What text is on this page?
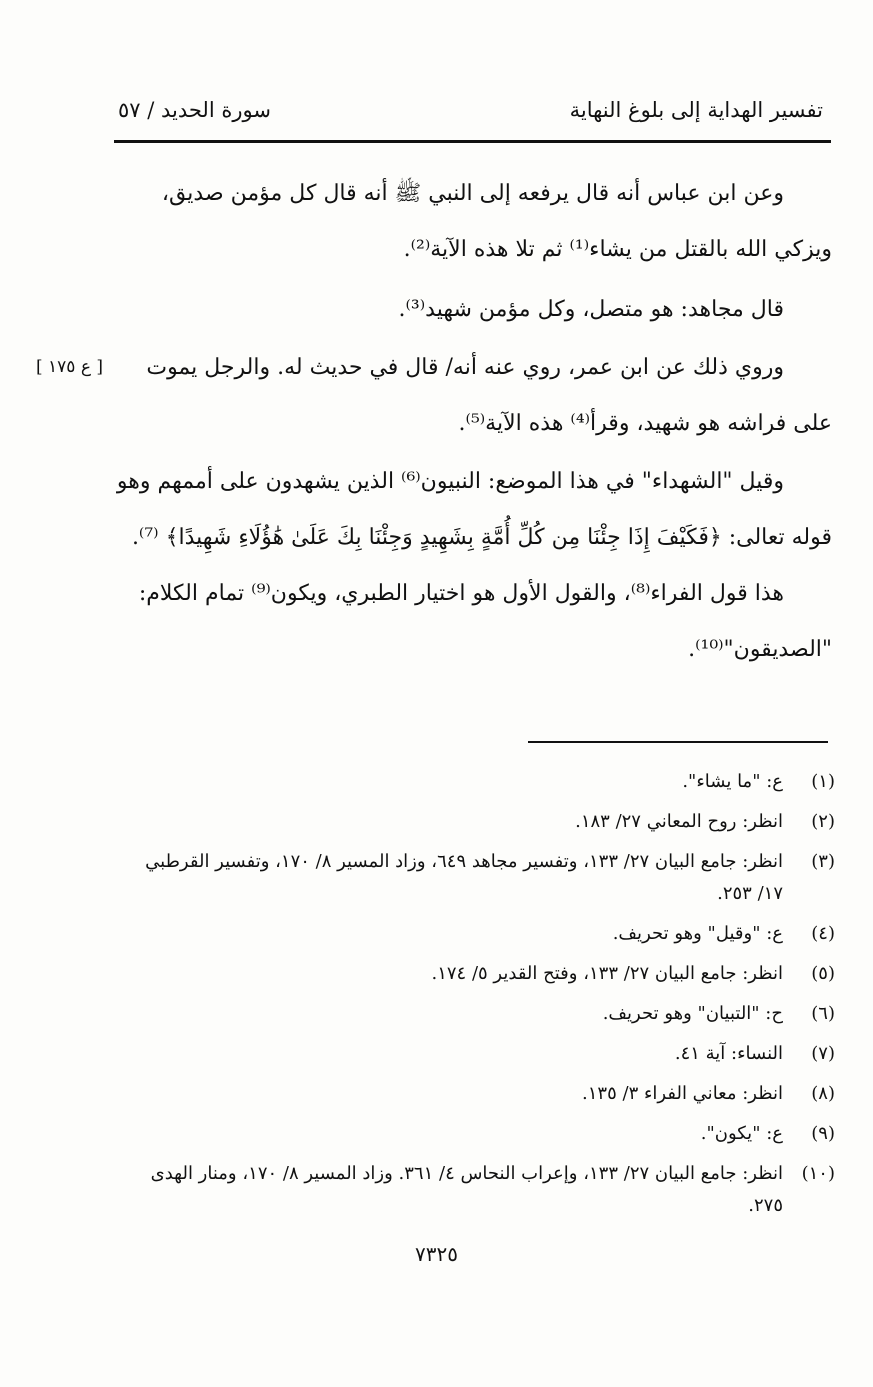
تفسير الهداية إلى بلوغ النهاية
سورة الحديد / ٥٧
وعن ابن عباس أنه قال يرفعه إلى النبي ﷺ أنه قال كل مؤمن صديق،
ويزكي الله بالقتل من يشاء⁽¹⁾ ثم تلا هذه الآية⁽²⁾.
قال مجاهد: هو متصل، وكل مؤمن شهيد⁽³⁾.
وروي ذلك عن ابن عمر، روي عنه أنه/ قال في حديث له. والرجل يموت
على فراشه هو شهيد، وقرأ⁽⁴⁾ هذه الآية⁽⁵⁾.
[ ع ١٧٥ ]
وقيل "الشهداء" في هذا الموضع: النبيون⁽⁶⁾ الذين يشهدون على أممهم وهو
قوله تعالى: ﴿فَكَيْفَ إِذَا جِئْنَا مِن كُلِّ أُمَّةٍ بِشَهِيدٍ وَجِئْنَا بِكَ عَلَىٰ هَٰؤُلَاءِ شَهِيدًا﴾ ⁽⁷⁾.
هذا قول الفراء⁽⁸⁾، والقول الأول هو اختيار الطبري، ويكون⁽⁹⁾ تمام الكلام:
"الصديقون"⁽¹⁰⁾.
(١)
ع: "ما يشاء".
(٢)
انظر: روح المعاني ٢٧/ ١٨٣.
(٣)
انظر: جامع البيان ٢٧/ ١٣٣، وتفسير مجاهد ٦٤٩، وزاد المسير ٨/ ١٧٠، وتفسير القرطبي ١٧/ ٢٥٣.
(٤)
ع: "وقيل" وهو تحريف.
(٥)
انظر: جامع البيان ٢٧/ ١٣٣، وفتح القدير ٥/ ١٧٤.
(٦)
ح: "التبيان" وهو تحريف.
(٧)
النساء: آية ٤١.
(٨)
انظر: معاني الفراء ٣/ ١٣٥.
(٩)
ع: "يكون".
(١٠)
انظر: جامع البيان ٢٧/ ١٣٣، وإعراب النحاس ٤/ ٣٦١. وزاد المسير ٨/ ١٧٠، ومنار الهدى ٢٧٥.
٧٣٢٥
